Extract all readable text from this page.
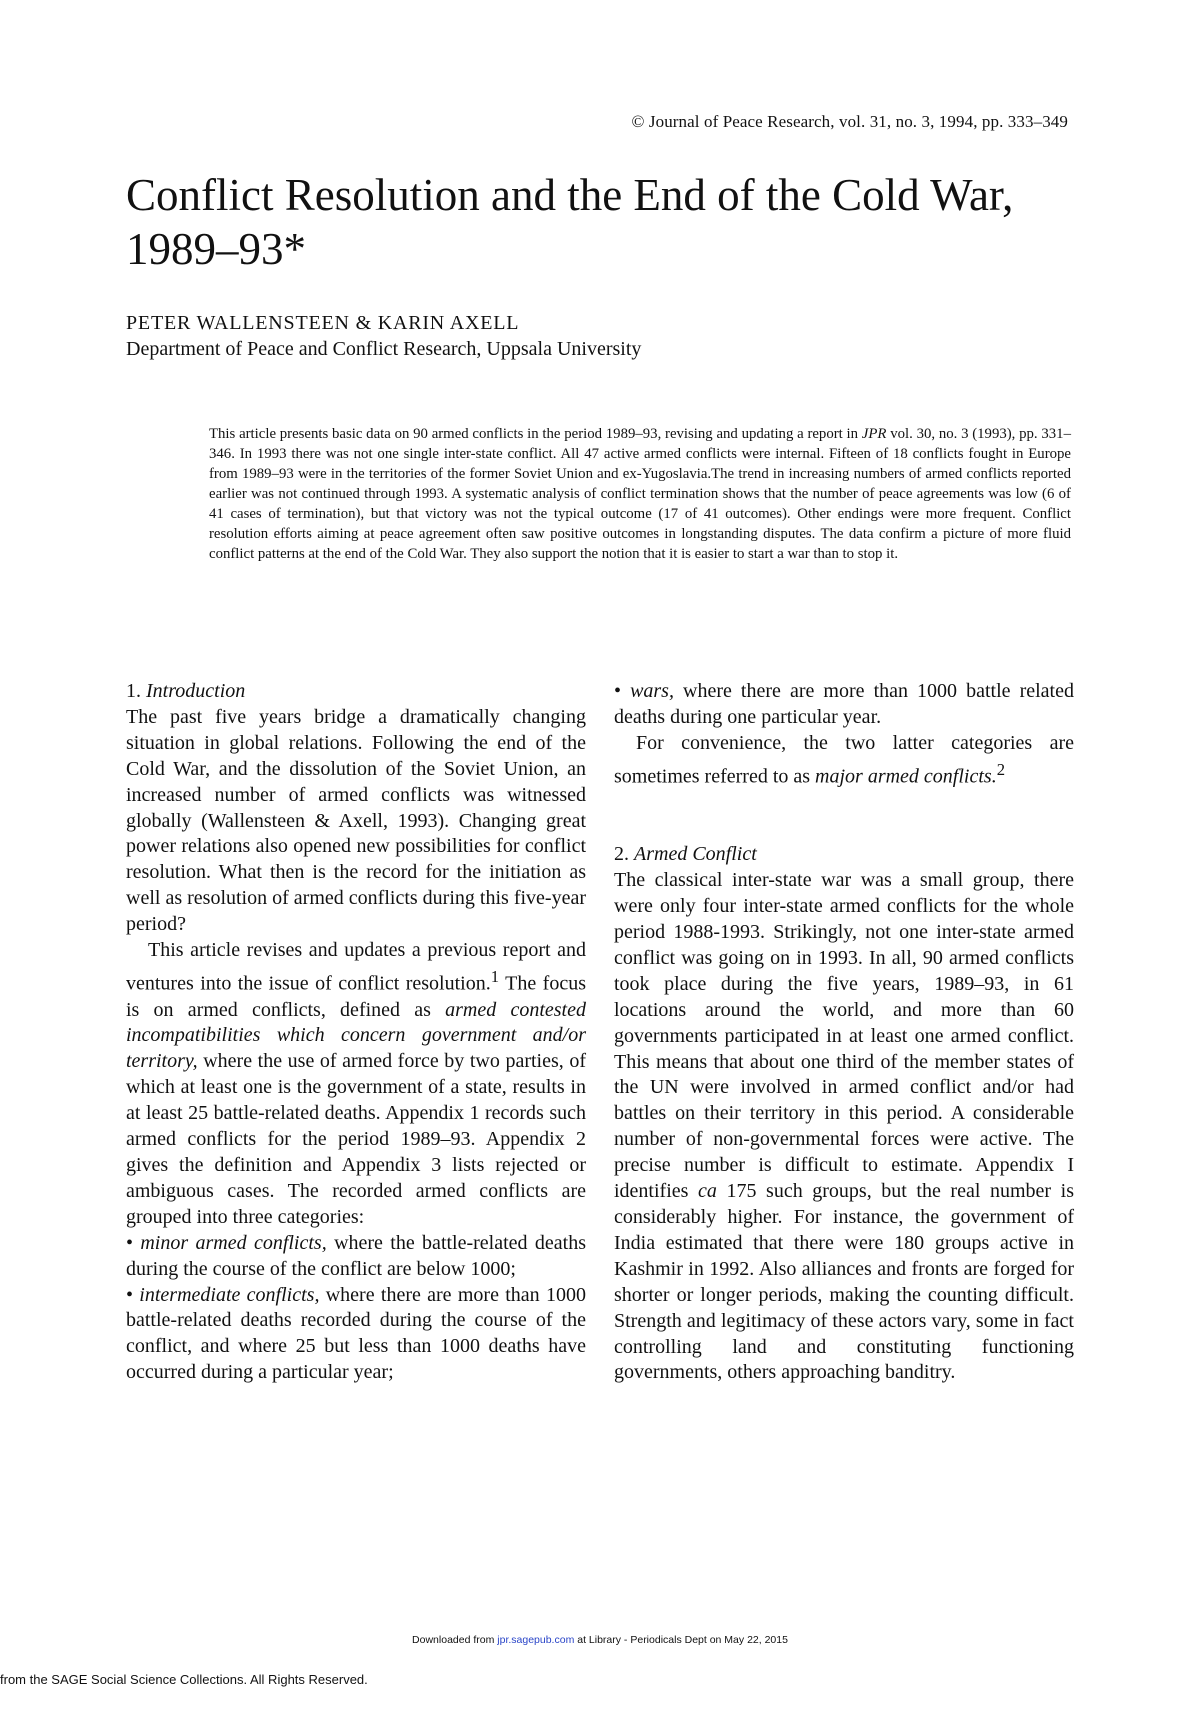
© Journal of Peace Research, vol. 31, no. 3, 1994, pp. 333–349
Conflict Resolution and the End of the Cold War, 1989–93*
PETER WALLENSTEEN & KARIN AXELL
Department of Peace and Conflict Research, Uppsala University

This article presents basic data on 90 armed conflicts in the period 1989–93, revising and updating a report in JPR vol. 30, no. 3 (1993), pp. 331–346. In 1993 there was not one single inter-state conflict. All 47 active armed conflicts were internal. Fifteen of 18 conflicts fought in Europe from 1989–93 were in the territories of the former Soviet Union and ex-Yugoslavia.The trend in increasing numbers of armed conflicts reported earlier was not continued through 1993. A systematic analysis of conflict termination shows that the number of peace agreements was low (6 of 41 cases of termination), but that victory was not the typical outcome (17 of 41 outcomes). Other endings were more frequent. Conflict resolution efforts aiming at peace agreement often saw positive outcomes in longstanding disputes. The data confirm a picture of more fluid conflict patterns at the end of the Cold War. They also support the notion that it is easier to start a war than to stop it.

1. Introduction

The past five years bridge a dramatically changing situation in global relations. Following the end of the Cold War, and the dissolution of the Soviet Union, an increased number of armed conflicts was witnessed globally (Wallensteen & Axell, 1993). Changing great power relations also opened new possibilities for conflict resolution. What then is the record for the initiation as well as resolution of armed conflicts during this five-year period?

This article revises and updates a previous report and ventures into the issue of conflict resolution.$^1$ The focus is on armed conflicts, defined as armed contested incompatibilities which concern government and/or territory, where the use of armed force by two parties, of which at least one is the government of a state, results in at least 25 battle-related deaths. Appendix 1 records such armed conflicts for the period 1989–93. Appendix 2 gives the definition and Appendix 3 lists rejected or ambiguous cases. The recorded armed conflicts are grouped into three categories:

• minor armed conflicts, where the battle-related deaths during the course of the conflict are below 1000;

• intermediate conflicts, where there are more than 1000 battle-related deaths recorded during the course of the conflict, and where 25 but less than 1000 deaths have occurred during a particular year;

• wars, where there are more than 1000 battle related deaths during one particular year.

For convenience, the two latter categories are sometimes referred to as major armed conflicts.$^2$

2. Armed Conflict

The classical inter-state war was a small group, there were only four inter-state armed conflicts for the whole period 1988-1993. Strikingly, not one inter-state armed conflict was going on in 1993. In all, 90 armed conflicts took place during the five years, 1989–93, in 61 locations around the world, and more than 60 governments participated in at least one armed conflict. This means that about one third of the member states of the UN were involved in armed conflict and/or had battles on their territory in this period. A considerable number of non-governmental forces were active. The precise number is difficult to estimate. Appendix I identifies ca 175 such groups, but the real number is considerably higher. For instance, the government of India estimated that there were 180 groups active in Kashmir in 1992. Also alliances and fronts are forged for shorter or longer periods, making the counting difficult. Strength and legitimacy of these actors vary, some in fact controlling land and constituting functioning governments, others approaching banditry.

Downloaded from jpr.sagepub.com at Library - Periodicals Dept on May 22, 2015
from the SAGE Social Science Collections. All Rights Reserved.
